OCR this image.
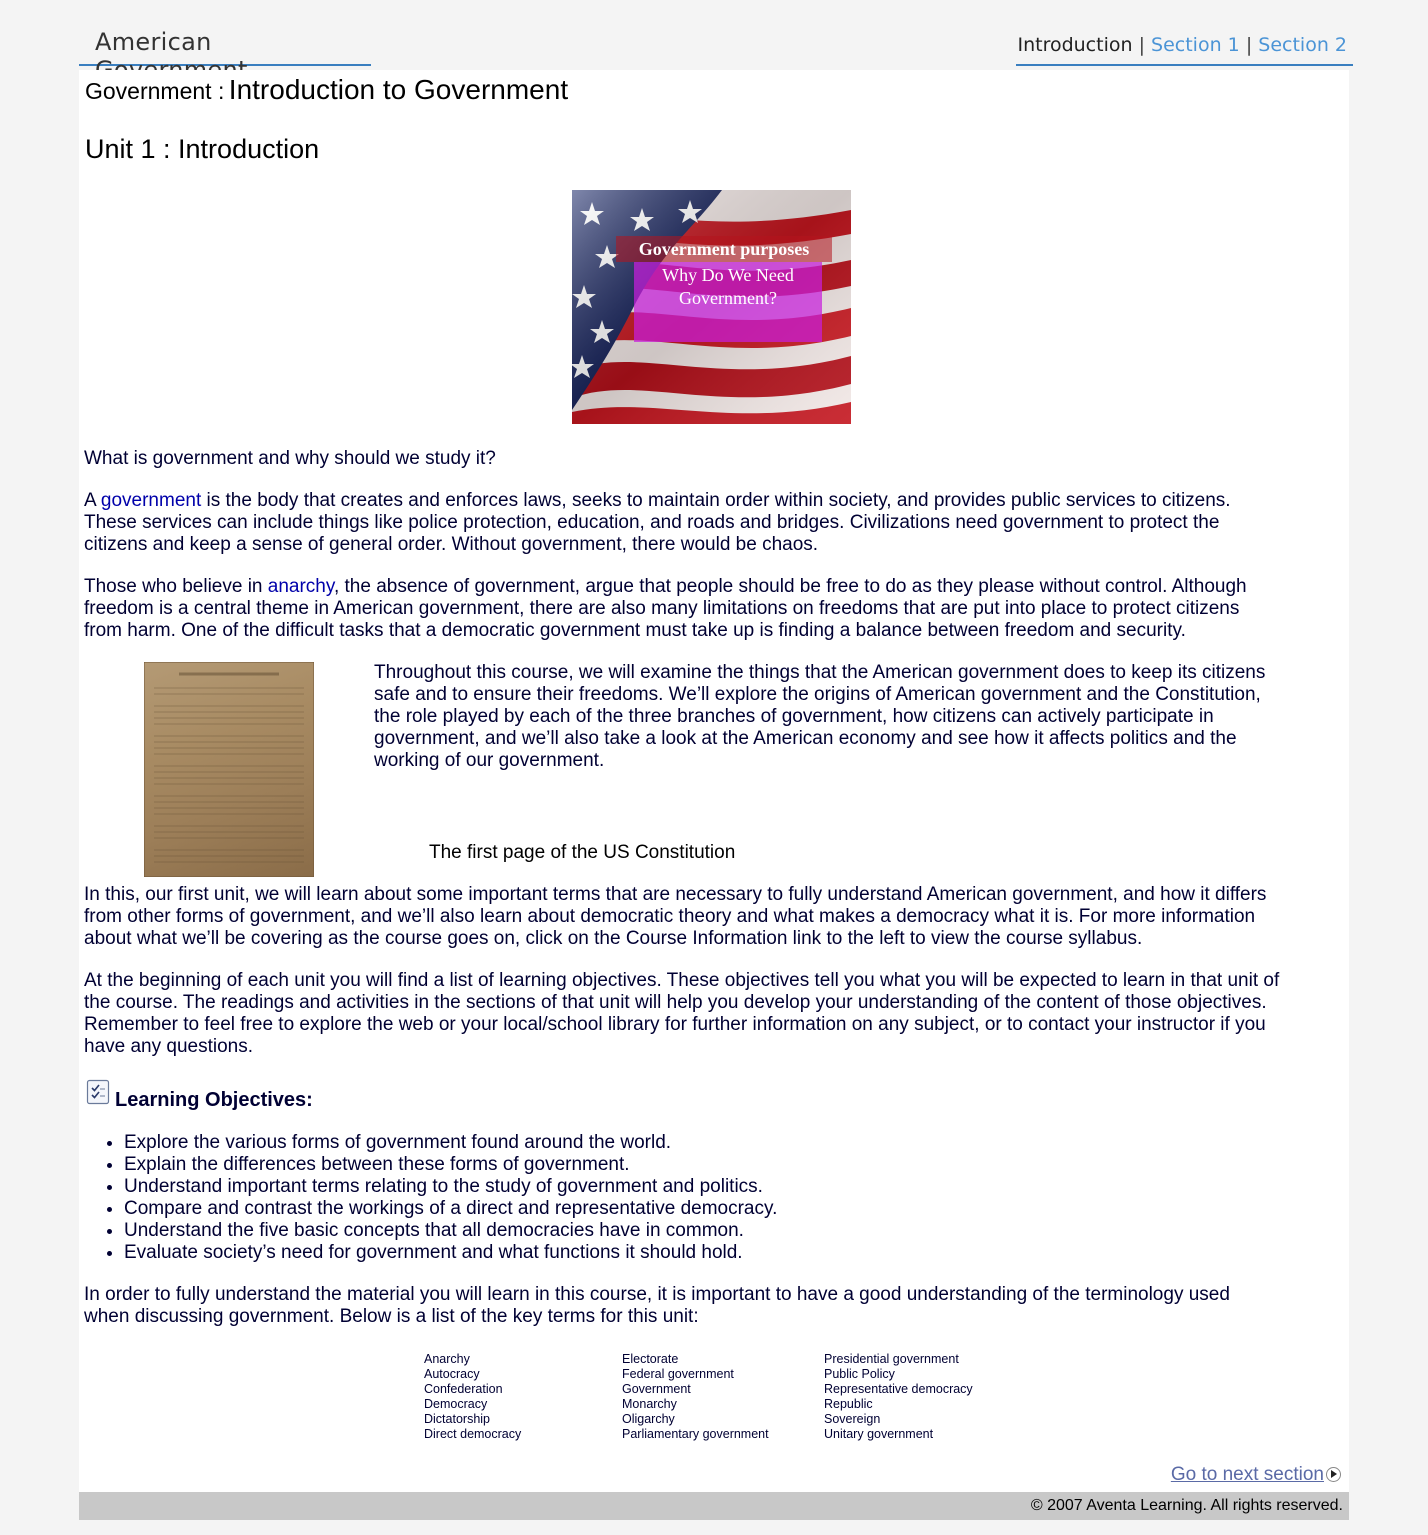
American	Introduction | Section 1 | Section 2
Government : Introduction to Government
Unit 1 : Introduction
Government purposes
Why Do We Need
Government?

What is government and why should we study it?

A government is the body that creates and enforces laws, seeks to maintain order within society, and provides public services to citizens.
These services can include things like police protection, education, and roads and bridges. Civilizations need government to protect the
citizens and keep a sense of general order. Without government, there would be chaos.

Those who believe in anarchy, the absence of government, argue that people should be free to do as they please without control. Although
freedom is a central theme in American government, there are also many limitations on freedoms that are put into place to protect citizens
from harm. One of the difficult tasks that a democratic government must take up is finding a balance between freedom and security.

Throughout this course, we will examine the things that the American government does to keep its citizens
safe and to ensure their freedoms. We’ll explore the origins of American government and the Constitution,
the role played by each of the three branches of government, how citizens can actively participate in
government, and we’ll also take a look at the American economy and see how it affects politics and the
working of our government.

The first page of the US Constitution

In this, our first unit, we will learn about some important terms that are necessary to fully understand American government, and how it differs
from other forms of government, and we’ll also learn about democratic theory and what makes a democracy what it is. For more information
about what we’ll be covering as the course goes on, click on the Course Information link to the left to view the course syllabus.

At the beginning of each unit you will find a list of learning objectives. These objectives tell you what you will be expected to learn in that unit of
the course. The readings and activities in the sections of that unit will help you develop your understanding of the content of those objectives.
Remember to feel free to explore the web or your local/school library for further information on any subject, or to contact your instructor if you
have any questions.

Learning Objectives:
• Explore the various forms of government found around the world.
• Explain the differences between these forms of government.
• Understand important terms relating to the study of government and politics.
• Compare and contrast the workings of a direct and representative democracy.
• Understand the five basic concepts that all democracies have in common.
• Evaluate society’s need for government and what functions it should hold.

In order to fully understand the material you will learn in this course, it is important to have a good understanding of the terminology used
when discussing government. Below is a list of the key terms for this unit:

Anarchy
Autocracy
Confederation
Democracy
Dictatorship
Direct democracy
Electorate
Federal government
Government
Monarchy
Oligarchy
Parliamentary government
Presidential government
Public Policy
Representative democracy
Republic
Sovereign
Unitary government
Go to next section
© 2007 Aventa Learning. All rights reserved.
